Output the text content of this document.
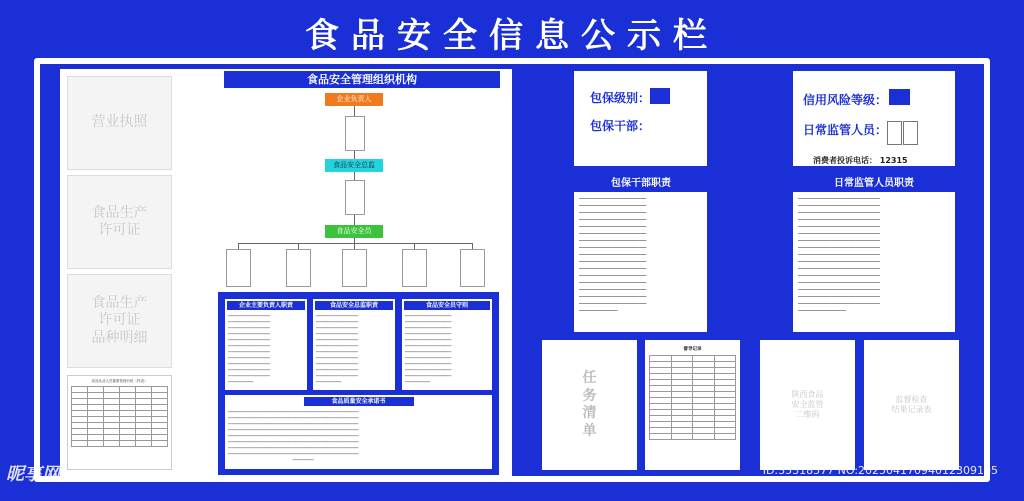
食品安全信息公示栏
营业执照
食品生产
许可证
食品生产
许可证
品种明细
食品从业人员健康管理台账（样表）

食品安全管理组织机构
企业负责人
食品安全总监
食品安全员
企业主要负责人职责
━━━━━━━━━━━━━━━━━━━━
━━━━━━━━━━━━━━━━━━━━
━━━━━━━━━━━━━━━━━━━━
━━━━━━━━━━━━━━━━━━━━
━━━━━━━━━━━━━━━━━━━━
━━━━━━━━━━━━━━━━━━━━
━━━━━━━━━━━━━━━━━━━━
━━━━━━━━━━━━━━━━━━━━
━━━━━━━━━━━━━━━━━━━━
━━━━━━━━━━━━━━━━━━━━
━━━━━━━━━━━━━━━━━━━━
━━━━━━━━━━━━
食品安全总监职责
━━━━━━━━━━━━━━━━━━━━
━━━━━━━━━━━━━━━━━━━━
━━━━━━━━━━━━━━━━━━━━
━━━━━━━━━━━━━━━━━━━━
━━━━━━━━━━━━━━━━━━━━
━━━━━━━━━━━━━━━━━━━━
━━━━━━━━━━━━━━━━━━━━
━━━━━━━━━━━━━━━━━━━━
━━━━━━━━━━━━━━━━━━━━
━━━━━━━━━━━━━━━━━━━━
━━━━━━━━━━━━━━━━━━━━
━━━━━━━━━━━━
食品安全员守则
━━━━━━━━━━━━━━━━━━━━━━
━━━━━━━━━━━━━━━━━━━━━━
━━━━━━━━━━━━━━━━━━━━━━
━━━━━━━━━━━━━━━━━━━━━━
━━━━━━━━━━━━━━━━━━━━━━
━━━━━━━━━━━━━━━━━━━━━━
━━━━━━━━━━━━━━━━━━━━━━
━━━━━━━━━━━━━━━━━━━━━━
━━━━━━━━━━━━━━━━━━━━━━
━━━━━━━━━━━━━━━━━━━━━━
━━━━━━━━━━━━━━━━━━━━━━
━━━━━━━━━━━━
食品质量安全承诺书
━━━━━━━━━━━━━━━━━━━━━━━━━━━━━━━━━━━━━━━━━━━━━━━━━━━━━━━━━━━━━━
━━━━━━━━━━━━━━━━━━━━━━━━━━━━━━━━━━━━━━━━━━━━━━━━━━━━━━━━━━━━━━
━━━━━━━━━━━━━━━━━━━━━━━━━━━━━━━━━━━━━━━━━━━━━━━━━━━━━━━━━━━━━━
━━━━━━━━━━━━━━━━━━━━━━━━━━━━━━━━━━━━━━━━━━━━━━━━━━━━━━━━━━━━━━
━━━━━━━━━━━━━━━━━━━━━━━━━━━━━━━━━━━━━━━━━━━━━━━━━━━━━━━━━━━━━━
━━━━━━━━━━━━━━━━━━━━━━━━━━━━━━━━━━━━━━━━━━━━━━━━━━━━━━━━━━━━━━
━━━━━━━━━━━━━━━━━━━━━━━━━━━━━━━━━━━━━━━━━━━━━━━━━━━━━━━━━━━━━━
━━━━━━━━━━━━━━━━━━━━━━━━━━━━━━━━━━━━━━━━━━━━━━━━━━━━━━━━━━━━━━
━━━━━━━━━━
包保级别：
包保干部：
包保干部职责
━━━━━━━━━━━━━━━━━━━━━━━━━━━━
━━━━━━━━━━━━━━━━━━━━━━━━━━━━
━━━━━━━━━━━━━━━━━━━━━━━━━━━━
━━━━━━━━━━━━━━━━━━━━━━━━━━━━
━━━━━━━━━━━━━━━━━━━━━━━━━━━━
━━━━━━━━━━━━━━━━━━━━━━━━━━━━
━━━━━━━━━━━━━━━━━━━━━━━━━━━━
━━━━━━━━━━━━━━━━━━━━━━━━━━━━
━━━━━━━━━━━━━━━━━━━━━━━━━━━━
━━━━━━━━━━━━━━━━━━━━━━━━━━━━
━━━━━━━━━━━━━━━━━━━━━━━━━━━━
━━━━━━━━━━━━━━━━━━━━━━━━━━━━
━━━━━━━━━━━━━━━━━━━━━━━━━━━━
━━━━━━━━━━━━━━━━━━━━━━━━━━━━
━━━━━━━━━━━━━━━━━━━━━━━━━━━━
━━━━━━━━━━━━━━━━━━━━━━━━━━━━
━━━━━━━━━━━━━━━━
信用风险等级：
日常监管人员：
消费者投诉电话： 12315
日常监管人员职责
━━━━━━━━━━━━━━━━━━━━━━━━━━━━━━━━━━
━━━━━━━━━━━━━━━━━━━━━━━━━━━━━━━━━━
━━━━━━━━━━━━━━━━━━━━━━━━━━━━━━━━━━
━━━━━━━━━━━━━━━━━━━━━━━━━━━━━━━━━━
━━━━━━━━━━━━━━━━━━━━━━━━━━━━━━━━━━
━━━━━━━━━━━━━━━━━━━━━━━━━━━━━━━━━━
━━━━━━━━━━━━━━━━━━━━━━━━━━━━━━━━━━
━━━━━━━━━━━━━━━━━━━━━━━━━━━━━━━━━━
━━━━━━━━━━━━━━━━━━━━━━━━━━━━━━━━━━
━━━━━━━━━━━━━━━━━━━━━━━━━━━━━━━━━━
━━━━━━━━━━━━━━━━━━━━━━━━━━━━━━━━━━
━━━━━━━━━━━━━━━━━━━━━━━━━━━━━━━━━━
━━━━━━━━━━━━━━━━━━━━━━━━━━━━━━━━━━
━━━━━━━━━━━━━━━━━━━━━━━━━━━━━━━━━━
━━━━━━━━━━━━━━━━━━━━━━━━━━━━━━━━━━
━━━━━━━━━━━━━━━━━━━━━━━━━━━━━━━━━━
━━━━━━━━━━━━━━━━━━━━
任
务
清
单
督导记录

陕西食品
安全监管
二维码
监督检查
结果记录表
昵享网	ID:35318577 NO:20250417094012309105
